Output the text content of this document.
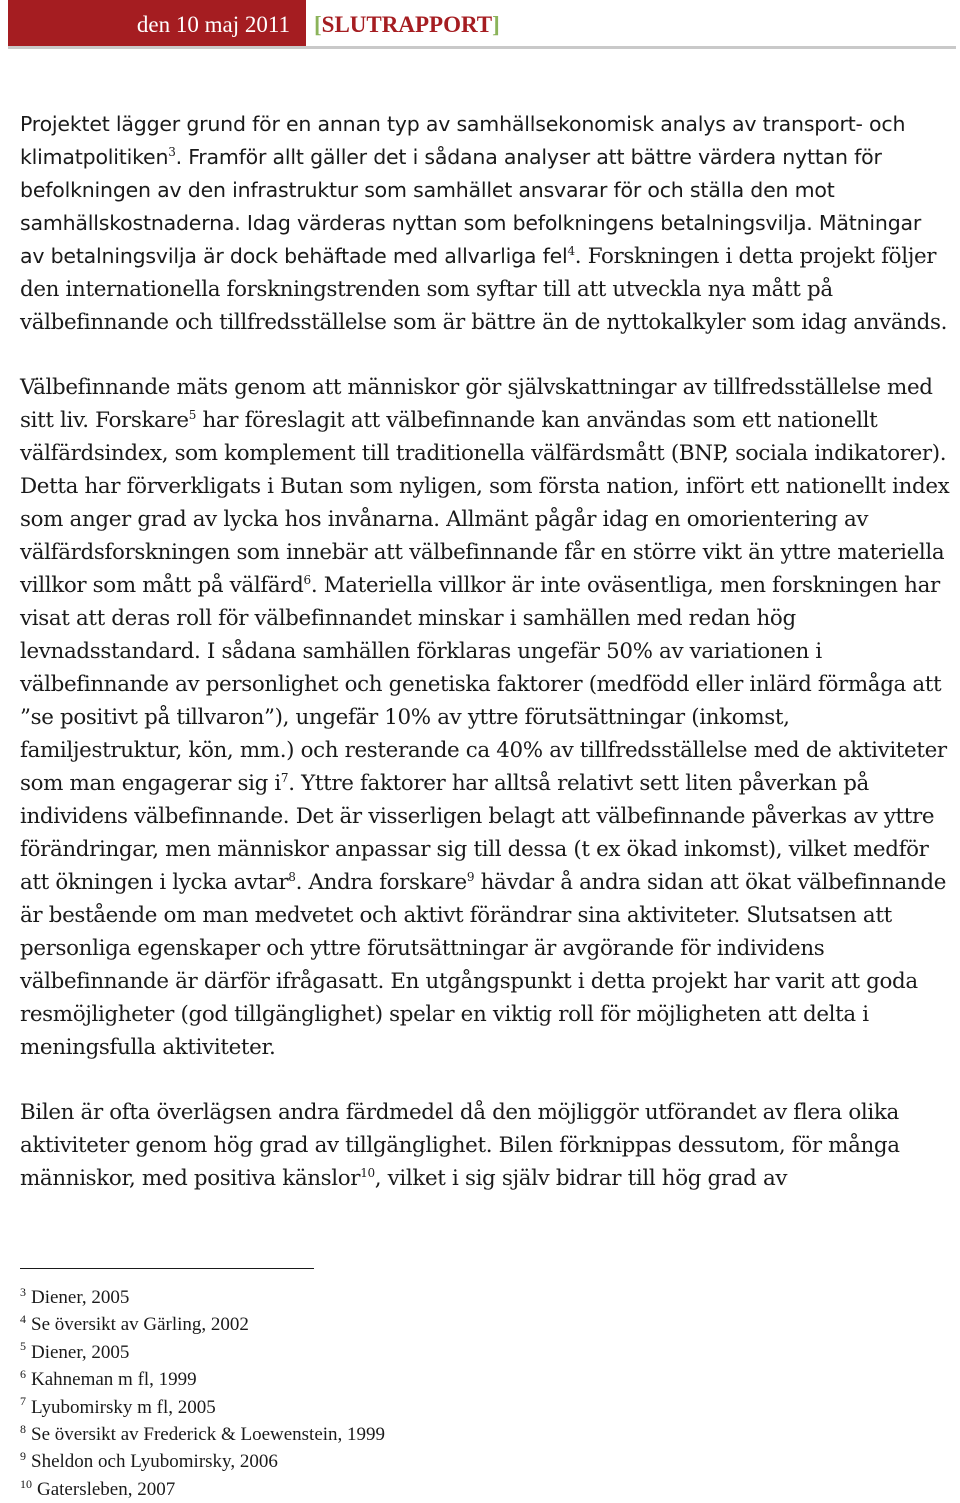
den 10 maj 2011	[SLUTRAPPORT]

Projektet lägger grund för en annan typ av samhällsekonomisk analys av transport- och klimatpolitiken$^3$. Framför allt gäller det i sådana analyser att bättre värdera nyttan för befolkningen av den infrastruktur som samhället ansvarar för och ställa den mot samhällskostnaderna. Idag värderas nyttan som befolkningens betalningsvilja. Mätningar av betalningsvilja är dock behäftade med allvarliga fel$^4$. Forskningen i detta projekt följer den internationella forskningstrenden som syftar till att utveckla nya mått på välbefinnande och tillfredsställelse som är bättre än de nyttokalkyler som idag används.

Välbefinnande mäts genom att människor gör självskattningar av tillfredsställelse med sitt liv. Forskare$^5$ har föreslagit att välbefinnande kan användas som ett nationellt välfärdsindex, som komplement till traditionella välfärdsmått (BNP, sociala indikatorer). Detta har förverkligats i Butan som nyligen, som första nation, infört ett nationellt index som anger grad av lycka hos invånarna. Allmänt pågår idag en omorientering av välfärdsforskningen som innebär att välbefinnande får en större vikt än yttre materiella villkor som mått på välfärd$^6$. Materiella villkor är inte oväsentliga, men forskningen har visat att deras roll för välbefinnandet minskar i samhällen med redan hög levnadsstandard. I sådana samhällen förklaras ungefär 50% av variationen i välbefinnande av personlighet och genetiska faktorer (medfödd eller inlärd förmåga att ”se positivt på tillvaron”), ungefär 10% av yttre förutsättningar (inkomst, familjestruktur, kön, mm.) och resterande ca 40% av tillfredsställelse med de aktiviteter som man engagerar sig $i^7$. Yttre faktorer har alltså relativt sett liten påverkan på individens välbefinnande. Det är visserligen belagt att välbefinnande påverkas av yttre förändringar, men människor anpassar sig till dessa (t ex ökad inkomst), vilket medför att ökningen i lycka avtar$^8$. Andra forskare$^9$ hävdar å andra sidan att ökat välbefinnande är bestående om man medvetet och aktivt förändrar sina aktiviteter. Slutsatsen att personliga egenskaper och yttre förutsättningar är avgörande för individens välbefinnande är därför ifrågasatt. En utgångspunkt i detta projekt har varit att goda resmöjligheter (god tillgänglighet) spelar en viktig roll för möjligheten att delta i meningsfulla aktiviteter.

Bilen är ofta överlägsen andra färdmedel då den möjliggör utförandet av flera olika aktiviteter genom hög grad av tillgänglighet. Bilen förknippas dessutom, för många människor, med positiva känslor$^{10}$, vilket i sig själv bidrar till hög grad av

$^3$ Diener, 2005
$^4$ Se översikt av Gärling, 2002
$^5$ Diener, 2005
$^6$ Kahneman m fl, 1999
$^7$ Lyubomirsky m fl, 2005
$^8$ Se översikt av Frederick & Loewenstein, 1999
$^9$ Sheldon och Lyubomirsky, 2006
$^{10}$ Gatersleben, 2007
